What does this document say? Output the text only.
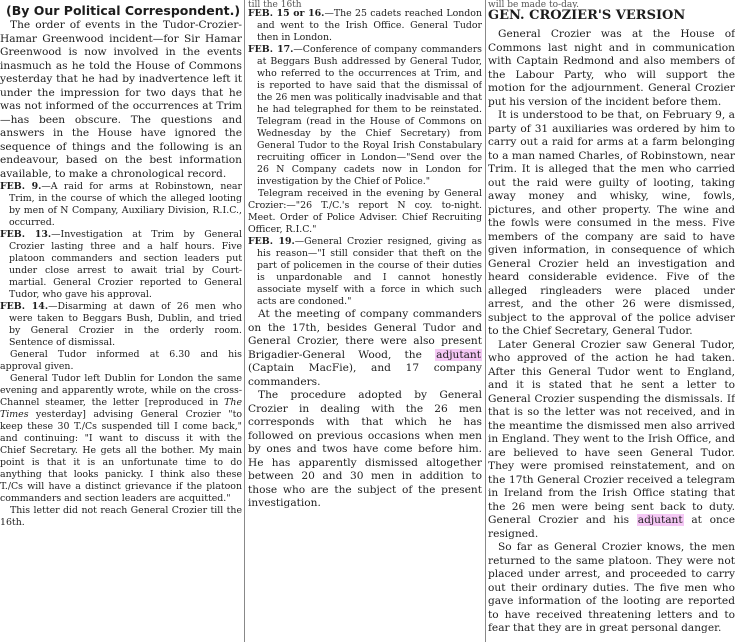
(By Our Political Correspondent.)

The order of events in the Tudor-Crozier-Hamar Greenwood incident—for Sir Hamar Greenwood is now involved in the events inasmuch as he told the House of Commons yesterday that he had by inadvertence left it under the impression for two days that he was not informed of the occurrences at Trim—has been obscure. The questions and answers in the House have ignored the sequence of things and the following is an endeavour, based on the best information available, to make a chronological record.

FEB. 9.—A raid for arms at Robinstown, near Trim, in the course of which the alleged looting by men of N Company, Auxiliary Division, R.I.C., occurred.

FEB. 13.—Investigation at Trim by General Crozier lasting three and a half hours. Five platoon commanders and section leaders put under close arrest to await trial by Court-martial. General Crozier reported to General Tudor, who gave his approval.

FEB. 14.—Disarming at dawn of 26 men who were taken to Beggars Bush, Dublin, and tried by General Crozier in the orderly room. Sentence of dismissal.

General Tudor informed at 6.30 and his approval given.

General Tudor left Dublin for London the same evening and apparently wrote, while on the cross-Channel steamer, the letter [reproduced in The Times yesterday] advising General Crozier "to keep these 30 T./Cs suspended till I come back," and continuing: "I want to discuss it with the Chief Secretary. He gets all the bother. My main point is that it is an unfortunate time to do anything that looks panicky. I think also these T./Cs will have a distinct grievance if the platoon commanders and section leaders are acquitted."

This letter did not reach General Crozier till the 16th.

till the 16th

FEB. 15 or 16.—The 25 cadets reached London and went to the Irish Office. General Tudor then in London.

FEB. 17.—Conference of company commanders at Beggars Bush addressed by General Tudor, who referred to the occurrences at Trim, and is reported to have said that the dismissal of the 26 men was politically inadvisable and that he had telegraphed for them to be reinstated. Telegram (read in the House of Commons on Wednesday by the Chief Secretary) from General Tudor to the Royal Irish Constabulary recruiting officer in London—"Send over the 26 N Company cadets now in London for investigation by the Chief of Police."

Telegram received in the evening by General Crozier:—"26 T./C.'s report N coy. to-night. Meet. Order of Police Adviser. Chief Recruiting Officer, R.I.C."

FEB. 19.—General Crozier resigned, giving as his reason—"I still consider that theft on the part of policemen in the course of their duties is unpardonable and I cannot honestly associate myself with a force in which such acts are condoned."

At the meeting of company commanders on the 17th, besides General Tudor and General Crozier, there were also present Brigadier-General Wood, the adjutant (Captain MacFie), and 17 company commanders.

The procedure adopted by General Crozier in dealing with the 26 men corresponds with that which he has followed on previous occasions when men by ones and twos have come before him. He has apparently dismissed altogether between 20 and 30 men in addition to those who are the subject of the present investigation.

will be made to-day.

GEN. CROZIER'S VERSION

General Crozier was at the House of Commons last night and in communication with Captain Redmond and also members of the Labour Party, who will support the motion for the adjournment. General Crozier put his version of the incident before them.

It is understood to be that, on February 9, a party of 31 auxiliaries was ordered by him to carry out a raid for arms at a farm belonging to a man named Charles, of Robinstown, near Trim. It is alleged that the men who carried out the raid were guilty of looting, taking away money and whisky, wine, fowls, pictures, and other property. The wine and the fowls were consumed in the mess. Five members of the company are said to have given information, in consequence of which General Crozier held an investigation and heard considerable evidence. Five of the alleged ringleaders were placed under arrest, and the other 26 were dismissed, subject to the approval of the police adviser to the Chief Secretary, General Tudor.

Later General Crozier saw General Tudor, who approved of the action he had taken. After this General Tudor went to England, and it is stated that he sent a letter to General Crozier suspending the dismissals. If that is so the letter was not received, and in the meantime the dismissed men also arrived in England. They went to the Irish Office, and are believed to have seen General Tudor. They were promised reinstatement, and on the 17th General Crozier received a telegram in Ireland from the Irish Office stating that the 26 men were being sent back to duty. General Crozier and his adjutant at once resigned.

So far as General Crozier knows, the men returned to the same platoon. They were not placed under arrest, and proceeded to carry out their ordinary duties. The five men who gave information of the looting are reported to have received threatening letters and to fear that they are in great personal danger.
